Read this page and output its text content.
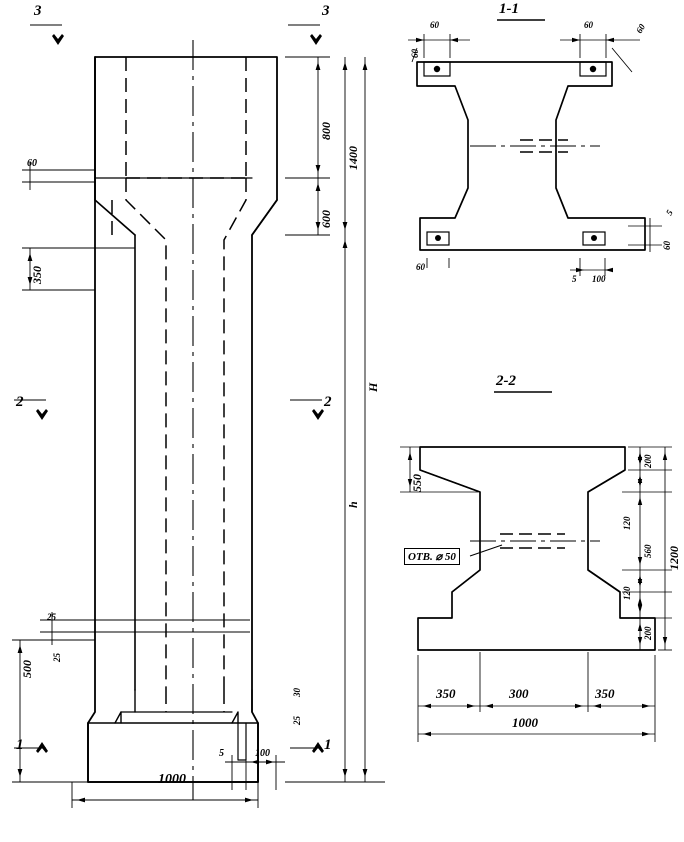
1-1
2-2
3	3
2	2
1	1
60
350
800
1400
600
H
h
500
25
25
1000
5	100
30
25
60
60
60	60
60
5 100
5
60
550
200
120
560
120
200
1200
350	300	350
1000
ОТВ. ⌀ 50
